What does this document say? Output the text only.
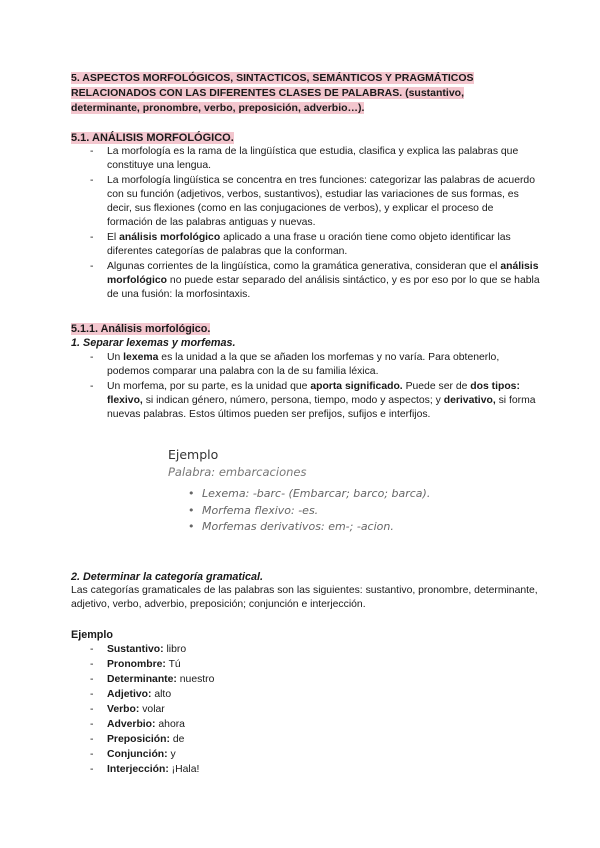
5. ASPECTOS MORFOLÓGICOS, SINTACTICOS, SEMÁNTICOS Y PRAGMÁTICOS
RELACIONADOS CON LAS DIFERENTES CLASES DE PALABRAS. (sustantivo,
determinante, pronombre, verbo, preposición, adverbio…).
5.1. ANÁLISIS MORFOLÓGICO.
- La morfología es la rama de la lingüística que estudia, clasifica y explica las palabras que constituye una lengua.
- La morfología lingüística se concentra en tres funciones: categorizar las palabras de acuerdo con su función (adjetivos, verbos, sustantivos), estudiar las variaciones de sus formas, es decir, sus flexiones (como en las conjugaciones de verbos), y explicar el proceso de formación de las palabras antiguas y nuevas.
- El análisis morfológico aplicado a una frase u oración tiene como objeto identificar las diferentes categorías de palabras que la conforman.
- Algunas corrientes de la lingüística, como la gramática generativa, consideran que el análisis morfológico no puede estar separado del análisis sintáctico, y es por eso por lo que se habla de una fusión: la morfosintaxis.
5.1.1. Análisis morfológico.
1. Separar lexemas y morfemas.
- Un lexema es la unidad a la que se añaden los morfemas y no varía. Para obtenerlo, podemos comparar una palabra con la de su familia léxica.
- Un morfema, por su parte, es la unidad que aporta significado. Puede ser de dos tipos: flexivo, si indican género, número, persona, tiempo, modo y aspectos; y derivativo, si forma nuevas palabras. Estos últimos pueden ser prefijos, sufijos e interfijos.
Ejemplo
Palabra: embarcaciones
• Lexema: -barc- (Embarcar; barco; barca).
• Morfema flexivo: -es.
• Morfemas derivativos: em-; -acion.
2. Determinar la categoría gramatical.
Las categorías gramaticales de las palabras son las siguientes: sustantivo, pronombre, determinante, adjetivo, verbo, adverbio, preposición; conjunción e interjección.
Ejemplo
- Sustantivo: libro
- Pronombre: Tú
- Determinante: nuestro
- Adjetivo: alto
- Verbo: volar
- Adverbio: ahora
- Preposición: de
- Conjunción: y
- Interjección: ¡Hala!
